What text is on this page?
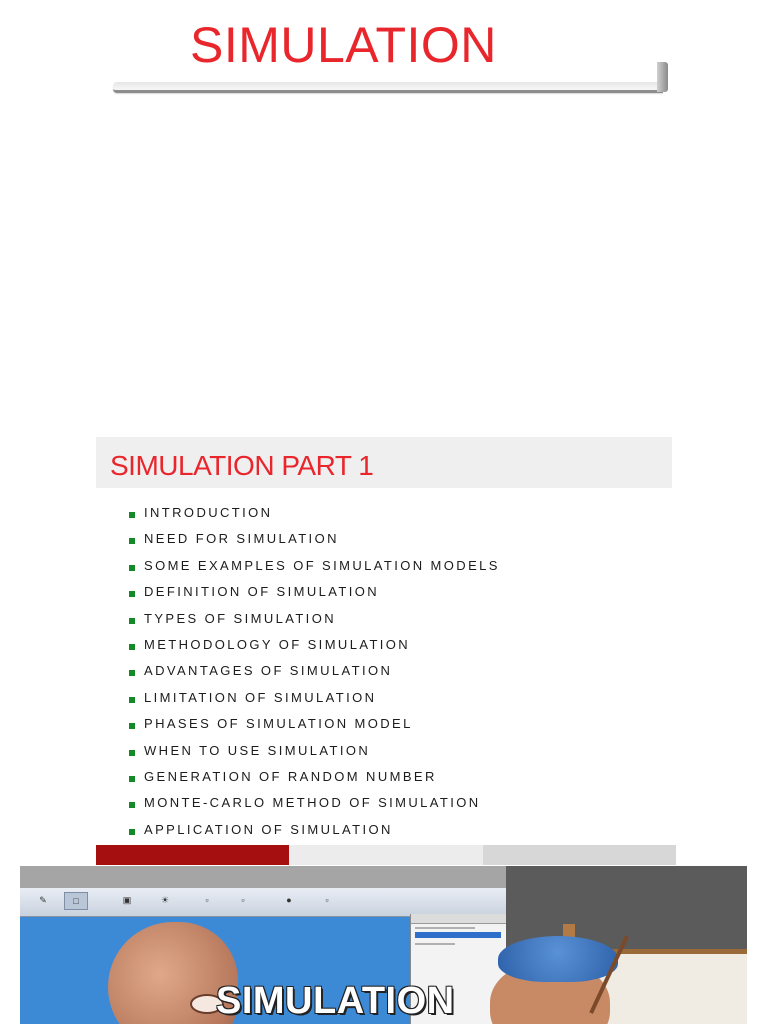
SIMULATION
SIMULATION PART 1
INTRODUCTION
NEED FOR SIMULATION
SOME EXAMPLES OF SIMULATION MODELS
DEFINITION OF SIMULATION
TYPES OF SIMULATION
METHODOLOGY OF SIMULATION
ADVANTAGES OF SIMULATION
LIMITATION OF SIMULATION
PHASES OF SIMULATION MODEL
WHEN TO USE SIMULATION
GENERATION OF RANDOM NUMBER
MONTE-CARLO METHOD OF SIMULATION
APPLICATION OF SIMULATION
✎	□	▣	☀	▫	▫	●	▫
SIMULATION
